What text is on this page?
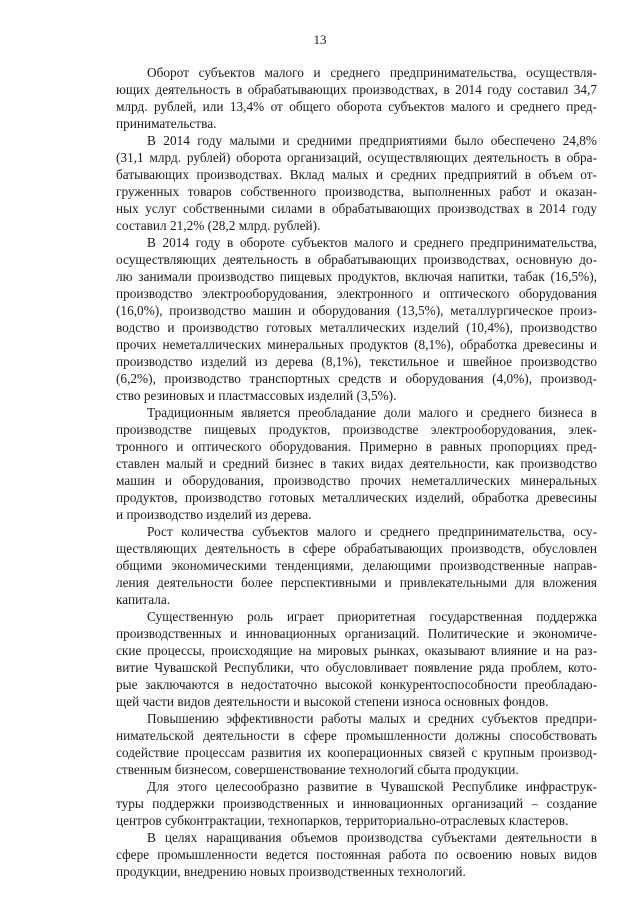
13
Оборот субъектов малого и среднего предпринимательства, осуществля-
ющих деятельность в обрабатывающих производствах, в 2014 году составил 34,7
млрд. рублей, или 13,4% от общего оборота субъектов малого и среднего пред-
принимательства.
В 2014 году малыми и средними предприятиями было обеспечено 24,8%
(31,1 млрд. рублей) оборота организаций, осуществляющих деятельность в обра-
батывающих производствах. Вклад малых и средних предприятий в объем от-
груженных товаров собственного производства, выполненных работ и оказан-
ных услуг собственными силами в обрабатывающих производствах в 2014 году
составил 21,2% (28,2 млрд. рублей).
В 2014 году в обороте субъектов малого и среднего предпринимательства,
осуществляющих деятельность в обрабатывающих производствах, основную до-
лю занимали производство пищевых продуктов, включая напитки, табак (16,5%),
производство электрооборудования, электронного и оптического оборудования
(16,0%), производство машин и оборудования (13,5%), металлургическое произ-
водство и производство готовых металлических изделий (10,4%), производство
прочих неметаллических минеральных продуктов (8,1%), обработка древесины и
производство изделий из дерева (8,1%), текстильное и швейное производство
(6,2%), производство транспортных средств и оборудования (4,0%), производ-
ство резиновых и пластмассовых изделий (3,5%).
Традиционным является преобладание доли малого и среднего бизнеса в
производстве пищевых продуктов, производстве электрооборудования, элек-
тронного и оптического оборудования. Примерно в равных пропорциях пред-
ставлен малый и средний бизнес в таких видах деятельности, как производство
машин и оборудования, производство прочих неметаллических минеральных
продуктов, производство готовых металлических изделий, обработка древесины
и производство изделий из дерева.
Рост количества субъектов малого и среднего предпринимательства, осу-
ществляющих деятельность в сфере обрабатывающих производств, обусловлен
общими экономическими тенденциями, делающими производственные направ-
ления деятельности более перспективными и привлекательными для вложения
капитала.
Существенную роль играет приоритетная государственная поддержка
производственных и инновационных организаций. Политические и экономиче-
ские процессы, происходящие на мировых рынках, оказывают влияние и на раз-
витие Чувашской Республики, что обусловливает появление ряда проблем, кото-
рые заключаются в недостаточно высокой конкурентоспособности преобладаю-
щей части видов деятельности и высокой степени износа основных фондов.
Повышению эффективности работы малых и средних субъектов предпри-
нимательской деятельности в сфере промышленности должны способствовать
содействие процессам развития их кооперационных связей с крупным производ-
ственным бизнесом, совершенствование технологий сбыта продукции.
Для этого целесообразно развитие в Чувашской Республике инфраструк-
туры поддержки производственных и инновационных организаций – создание
центров субконтрактации, технопарков, территориально-отраслевых кластеров.
В целях наращивания объемов производства субъектами деятельности в
сфере промышленности ведется постоянная работа по освоению новых видов
продукции, внедрению новых производственных технологий.
